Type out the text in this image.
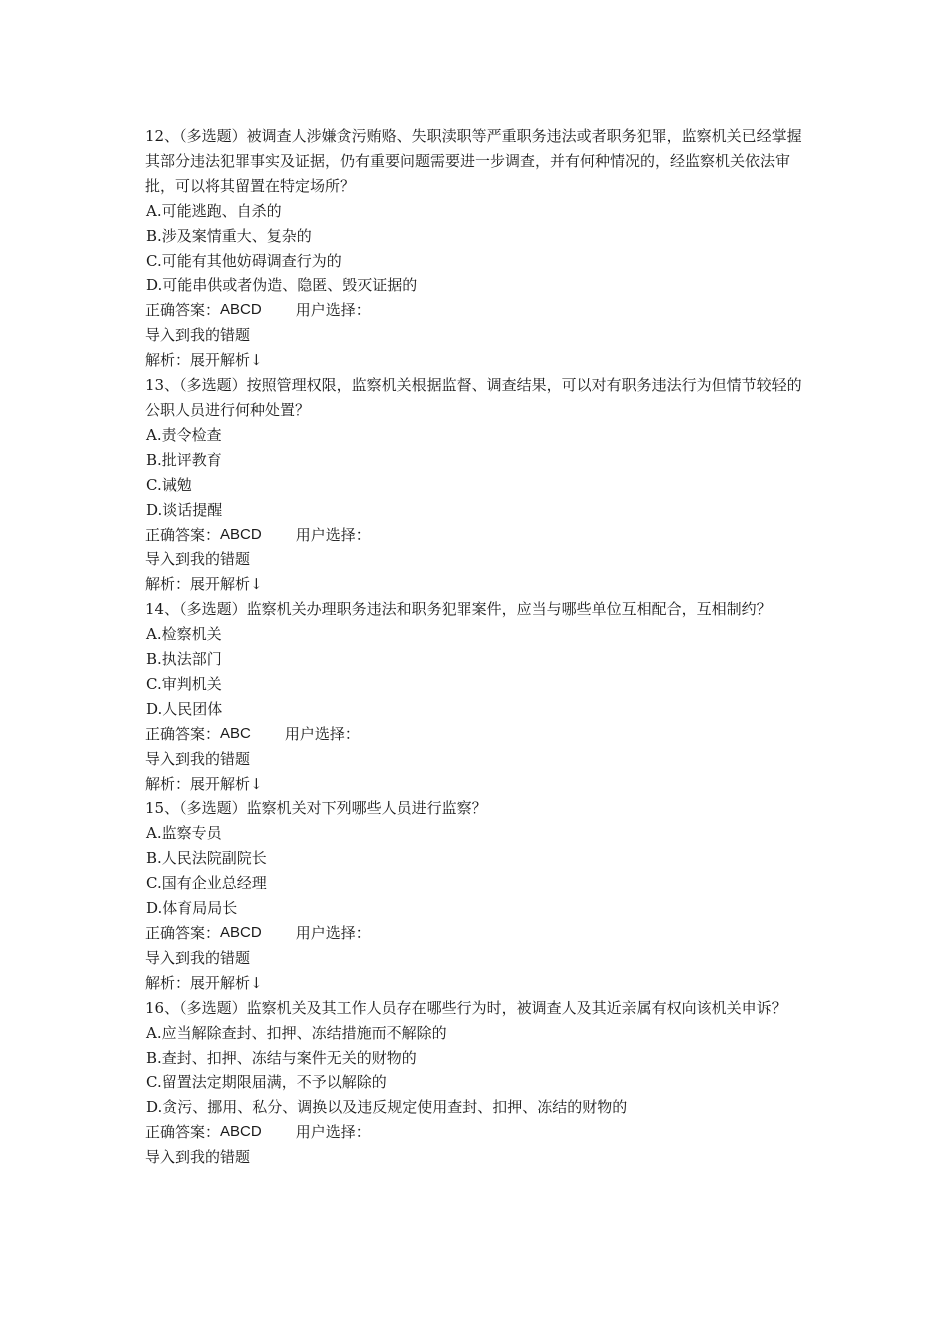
12、（多选题）被调查人涉嫌贪污贿赂、失职渎职等严重职务违法或者职务犯罪，监察机关已经掌握其部分违法犯罪事实及证据，仍有重要问题需要进一步调查，并有何种情况的，经监察机关依法审批，可以将其留置在特定场所？
A.可能逃跑、自杀的
B.涉及案情重大、复杂的
C.可能有其他妨碍调查行为的
D.可能串供或者伪造、隐匿、毁灭证据的
正确答案： ABCD 用户选择：
导入到我的错题
解析：展开解析↓
13、（多选题）按照管理权限，监察机关根据监督、调查结果，可以对有职务违法行为但情节较轻的公职人员进行何种处置？
A.责令检查
B.批评教育
C.诫勉
D.谈话提醒
正确答案： ABCD 用户选择：
导入到我的错题
解析：展开解析↓
14、（多选题）监察机关办理职务违法和职务犯罪案件，应当与哪些单位互相配合，互相制约？
A.检察机关
B.执法部门
C.审判机关
D.人民团体
正确答案： ABC 用户选择：
导入到我的错题
解析：展开解析↓
15、（多选题）监察机关对下列哪些人员进行监察？
A.监察专员
B.人民法院副院长
C.国有企业总经理
D.体育局局长
正确答案： ABCD 用户选择：
导入到我的错题
解析：展开解析↓
16、（多选题）监察机关及其工作人员存在哪些行为时，被调查人及其近亲属有权向该机关申诉？
A.应当解除查封、扣押、冻结措施而不解除的
B.查封、扣押、冻结与案件无关的财物的
C.留置法定期限届满，不予以解除的
D.贪污、挪用、私分、调换以及违反规定使用查封、扣押、冻结的财物的
正确答案： ABCD 用户选择：
导入到我的错题
